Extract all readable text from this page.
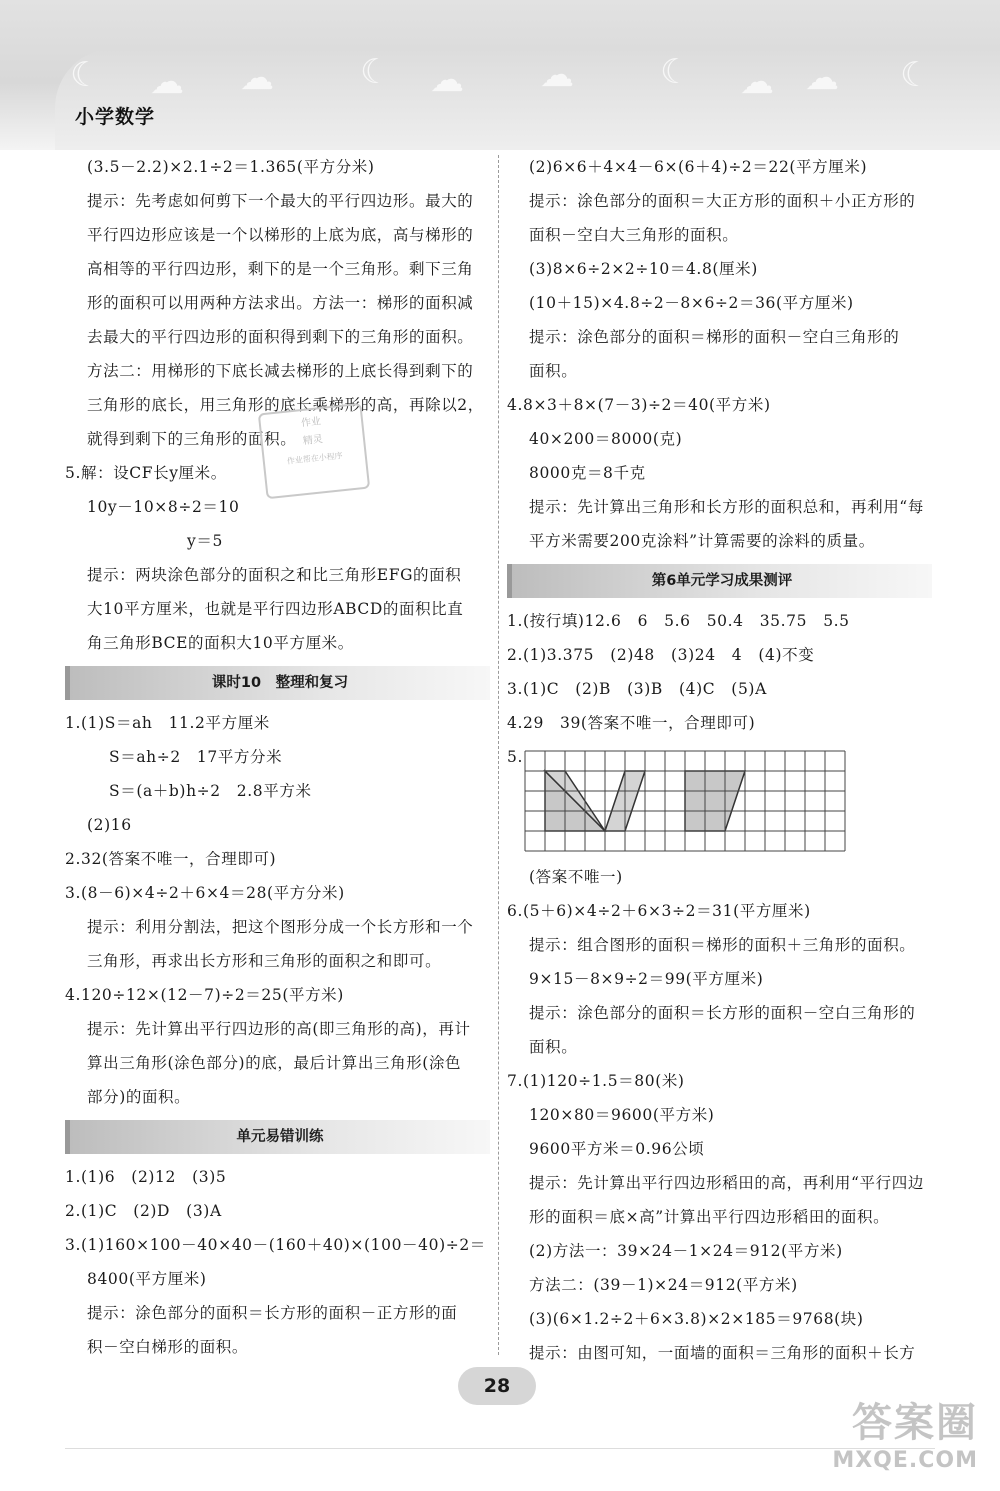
☾ ☁ ☁	☾ ☁ ☁	☾ ☁ ☁ ☾
小学数学
(3.5－2.2)×2.1÷2＝1.365(平方分米)
提示：先考虑如何剪下一个最大的平行四边形。最大的
平行四边形应该是一个以梯形的上底为底，高与梯形的
高相等的平行四边形，剩下的是一个三角形。剩下三角
形的面积可以用两种方法求出。方法一：梯形的面积减
去最大的平行四边形的面积得到剩下的三角形的面积。
方法二：用梯形的下底长减去梯形的上底长得到剩下的
三角形的底长，用三角形的底长乘梯形的高，再除以2，
就得到剩下的三角形的面积。
5.解：设CF长y厘米。
10y－10×8÷2＝10
y＝5
提示：两块涂色部分的面积之和比三角形EFG的面积
大10平方厘米，也就是平行四边形ABCD的面积比直
角三角形BCE的面积大10平方厘米。
课时10　整理和复习
1.(1)S＝ah　11.2平方厘米
S＝ah÷2　17平方分米
S＝(a＋b)h÷2　2.8平方米
(2)16
2.32(答案不唯一，合理即可)
3.(8－6)×4÷2＋6×4＝28(平方分米)
提示：利用分割法，把这个图形分成一个长方形和一个
三角形，再求出长方形和三角形的面积之和即可。
4.120÷12×(12－7)÷2＝25(平方米)
提示：先计算出平行四边形的高(即三角形的高)，再计
算出三角形(涂色部分)的底，最后计算出三角形(涂色
部分)的面积。
单元易错训练
1.(1)6　(2)12　(3)5
2.(1)C　(2)D　(3)A
3.(1)160×100－40×40－(160＋40)×(100－40)÷2＝
8400(平方厘米)
提示：涂色部分的面积＝长方形的面积－正方形的面
积－空白梯形的面积。
(2)6×6＋4×4－6×(6＋4)÷2＝22(平方厘米)
提示：涂色部分的面积＝大正方形的面积＋小正方形的
面积－空白大三角形的面积。
(3)8×6÷2×2÷10＝4.8(厘米)
(10＋15)×4.8÷2－8×6÷2＝36(平方厘米)
提示：涂色部分的面积＝梯形的面积－空白三角形的
面积。
4.8×3＋8×(7－3)÷2＝40(平方米)
40×200＝8000(克)
8000克＝8千克
提示：先计算出三角形和长方形的面积总和，再利用“每
平方米需要200克涂料”计算需要的涂料的质量。
第6单元学习成果测评
1.(按行填)12.6　6　5.6　50.4　35.75　5.5
2.(1)3.375　(2)48　(3)24　4　(4)不变
3.(1)C　(2)B　(3)B　(4)C　(5)A
4.29　39(答案不唯一，合理即可)
5.
(答案不唯一)
6.(5＋6)×4÷2＋6×3÷2＝31(平方厘米)
提示：组合图形的面积＝梯形的面积＋三角形的面积。
9×15－8×9÷2＝99(平方厘米)
提示：涂色部分的面积＝长方形的面积－空白三角形的
面积。
7.(1)120÷1.5＝80(米)
120×80＝9600(平方米)
9600平方米＝0.96公顷
提示：先计算出平行四边形稻田的高，再利用“平行四边
形的面积＝底×高”计算出平行四边形稻田的面积。
(2)方法一：39×24－1×24＝912(平方米)
方法二：(39－1)×24＝912(平方米)
(3)(6×1.2÷2＋6×3.8)×2×185＝9768(块)
提示：由图可知，一面墙的面积＝三角形的面积＋长方
作业
精灵
作业帮在小程序
28
答案圈
MXQE.COM
